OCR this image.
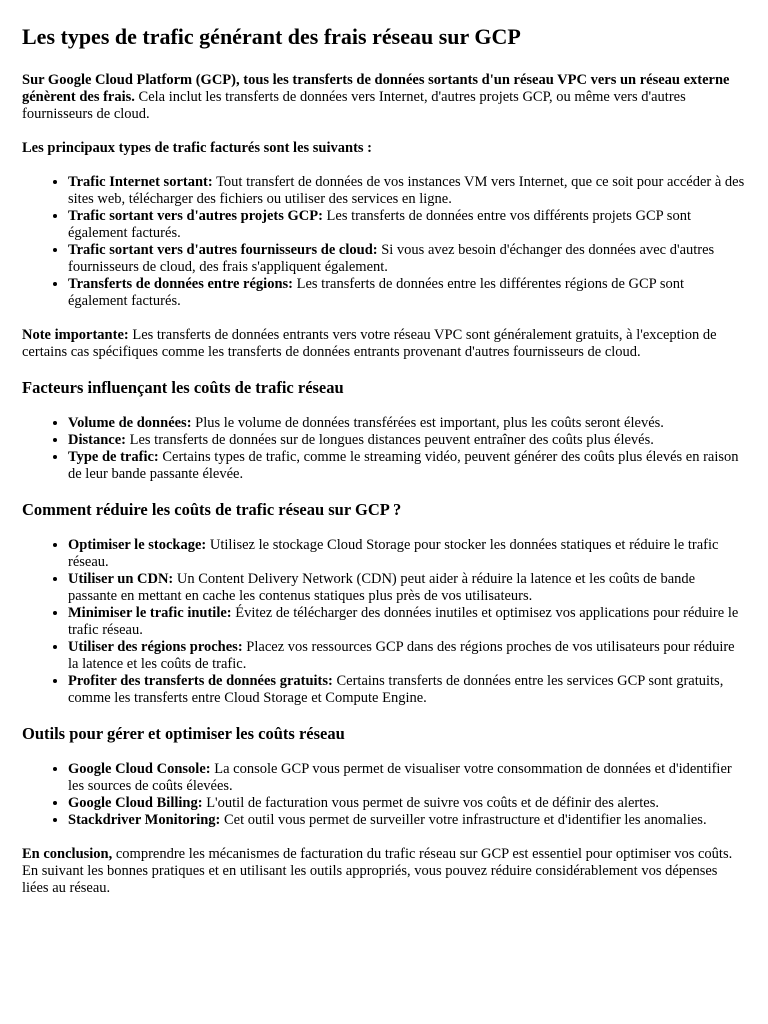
Les types de trafic générant des frais réseau sur GCP

Sur Google Cloud Platform (GCP), tous les transferts de données sortants d'un réseau VPC vers un réseau externe génèrent des frais. Cela inclut les transferts de données vers Internet, d'autres projets GCP, ou même vers d'autres fournisseurs de cloud.

Les principaux types de trafic facturés sont les suivants :

• Trafic Internet sortant: Tout transfert de données de vos instances VM vers Internet, que ce soit pour accéder à des sites web, télécharger des fichiers ou utiliser des services en ligne.
• Trafic sortant vers d'autres projets GCP: Les transferts de données entre vos différents projets GCP sont également facturés.
• Trafic sortant vers d'autres fournisseurs de cloud: Si vous avez besoin d'échanger des données avec d'autres fournisseurs de cloud, des frais s'appliquent également.
• Transferts de données entre régions: Les transferts de données entre les différentes régions de GCP sont également facturés.

Note importante: Les transferts de données entrants vers votre réseau VPC sont généralement gratuits, à l'exception de certains cas spécifiques comme les transferts de données entrants provenant d'autres fournisseurs de cloud.

Facteurs influençant les coûts de trafic réseau
• Volume de données: Plus le volume de données transférées est important, plus les coûts seront élevés.
• Distance: Les transferts de données sur de longues distances peuvent entraîner des coûts plus élevés.
• Type de trafic: Certains types de trafic, comme le streaming vidéo, peuvent générer des coûts plus élevés en raison de leur bande passante élevée.
Comment réduire les coûts de trafic réseau sur GCP ?
• Optimiser le stockage: Utilisez le stockage Cloud Storage pour stocker les données statiques et réduire le trafic réseau.
• Utiliser un CDN: Un Content Delivery Network (CDN) peut aider à réduire la latence et les coûts de bande passante en mettant en cache les contenus statiques plus près de vos utilisateurs.
• Minimiser le trafic inutile: Évitez de télécharger des données inutiles et optimisez vos applications pour réduire le trafic réseau.
• Utiliser des régions proches: Placez vos ressources GCP dans des régions proches de vos utilisateurs pour réduire la latence et les coûts de trafic.
• Profiter des transferts de données gratuits: Certains transferts de données entre les services GCP sont gratuits, comme les transferts entre Cloud Storage et Compute Engine.
Outils pour gérer et optimiser les coûts réseau
• Google Cloud Console: La console GCP vous permet de visualiser votre consommation de données et d'identifier les sources de coûts élevées.
• Google Cloud Billing: L'outil de facturation vous permet de suivre vos coûts et de définir des alertes.
• Stackdriver Monitoring: Cet outil vous permet de surveiller votre infrastructure et d'identifier les anomalies.

En conclusion, comprendre les mécanismes de facturation du trafic réseau sur GCP est essentiel pour optimiser vos coûts. En suivant les bonnes pratiques et en utilisant les outils appropriés, vous pouvez réduire considérablement vos dépenses liées au réseau.
